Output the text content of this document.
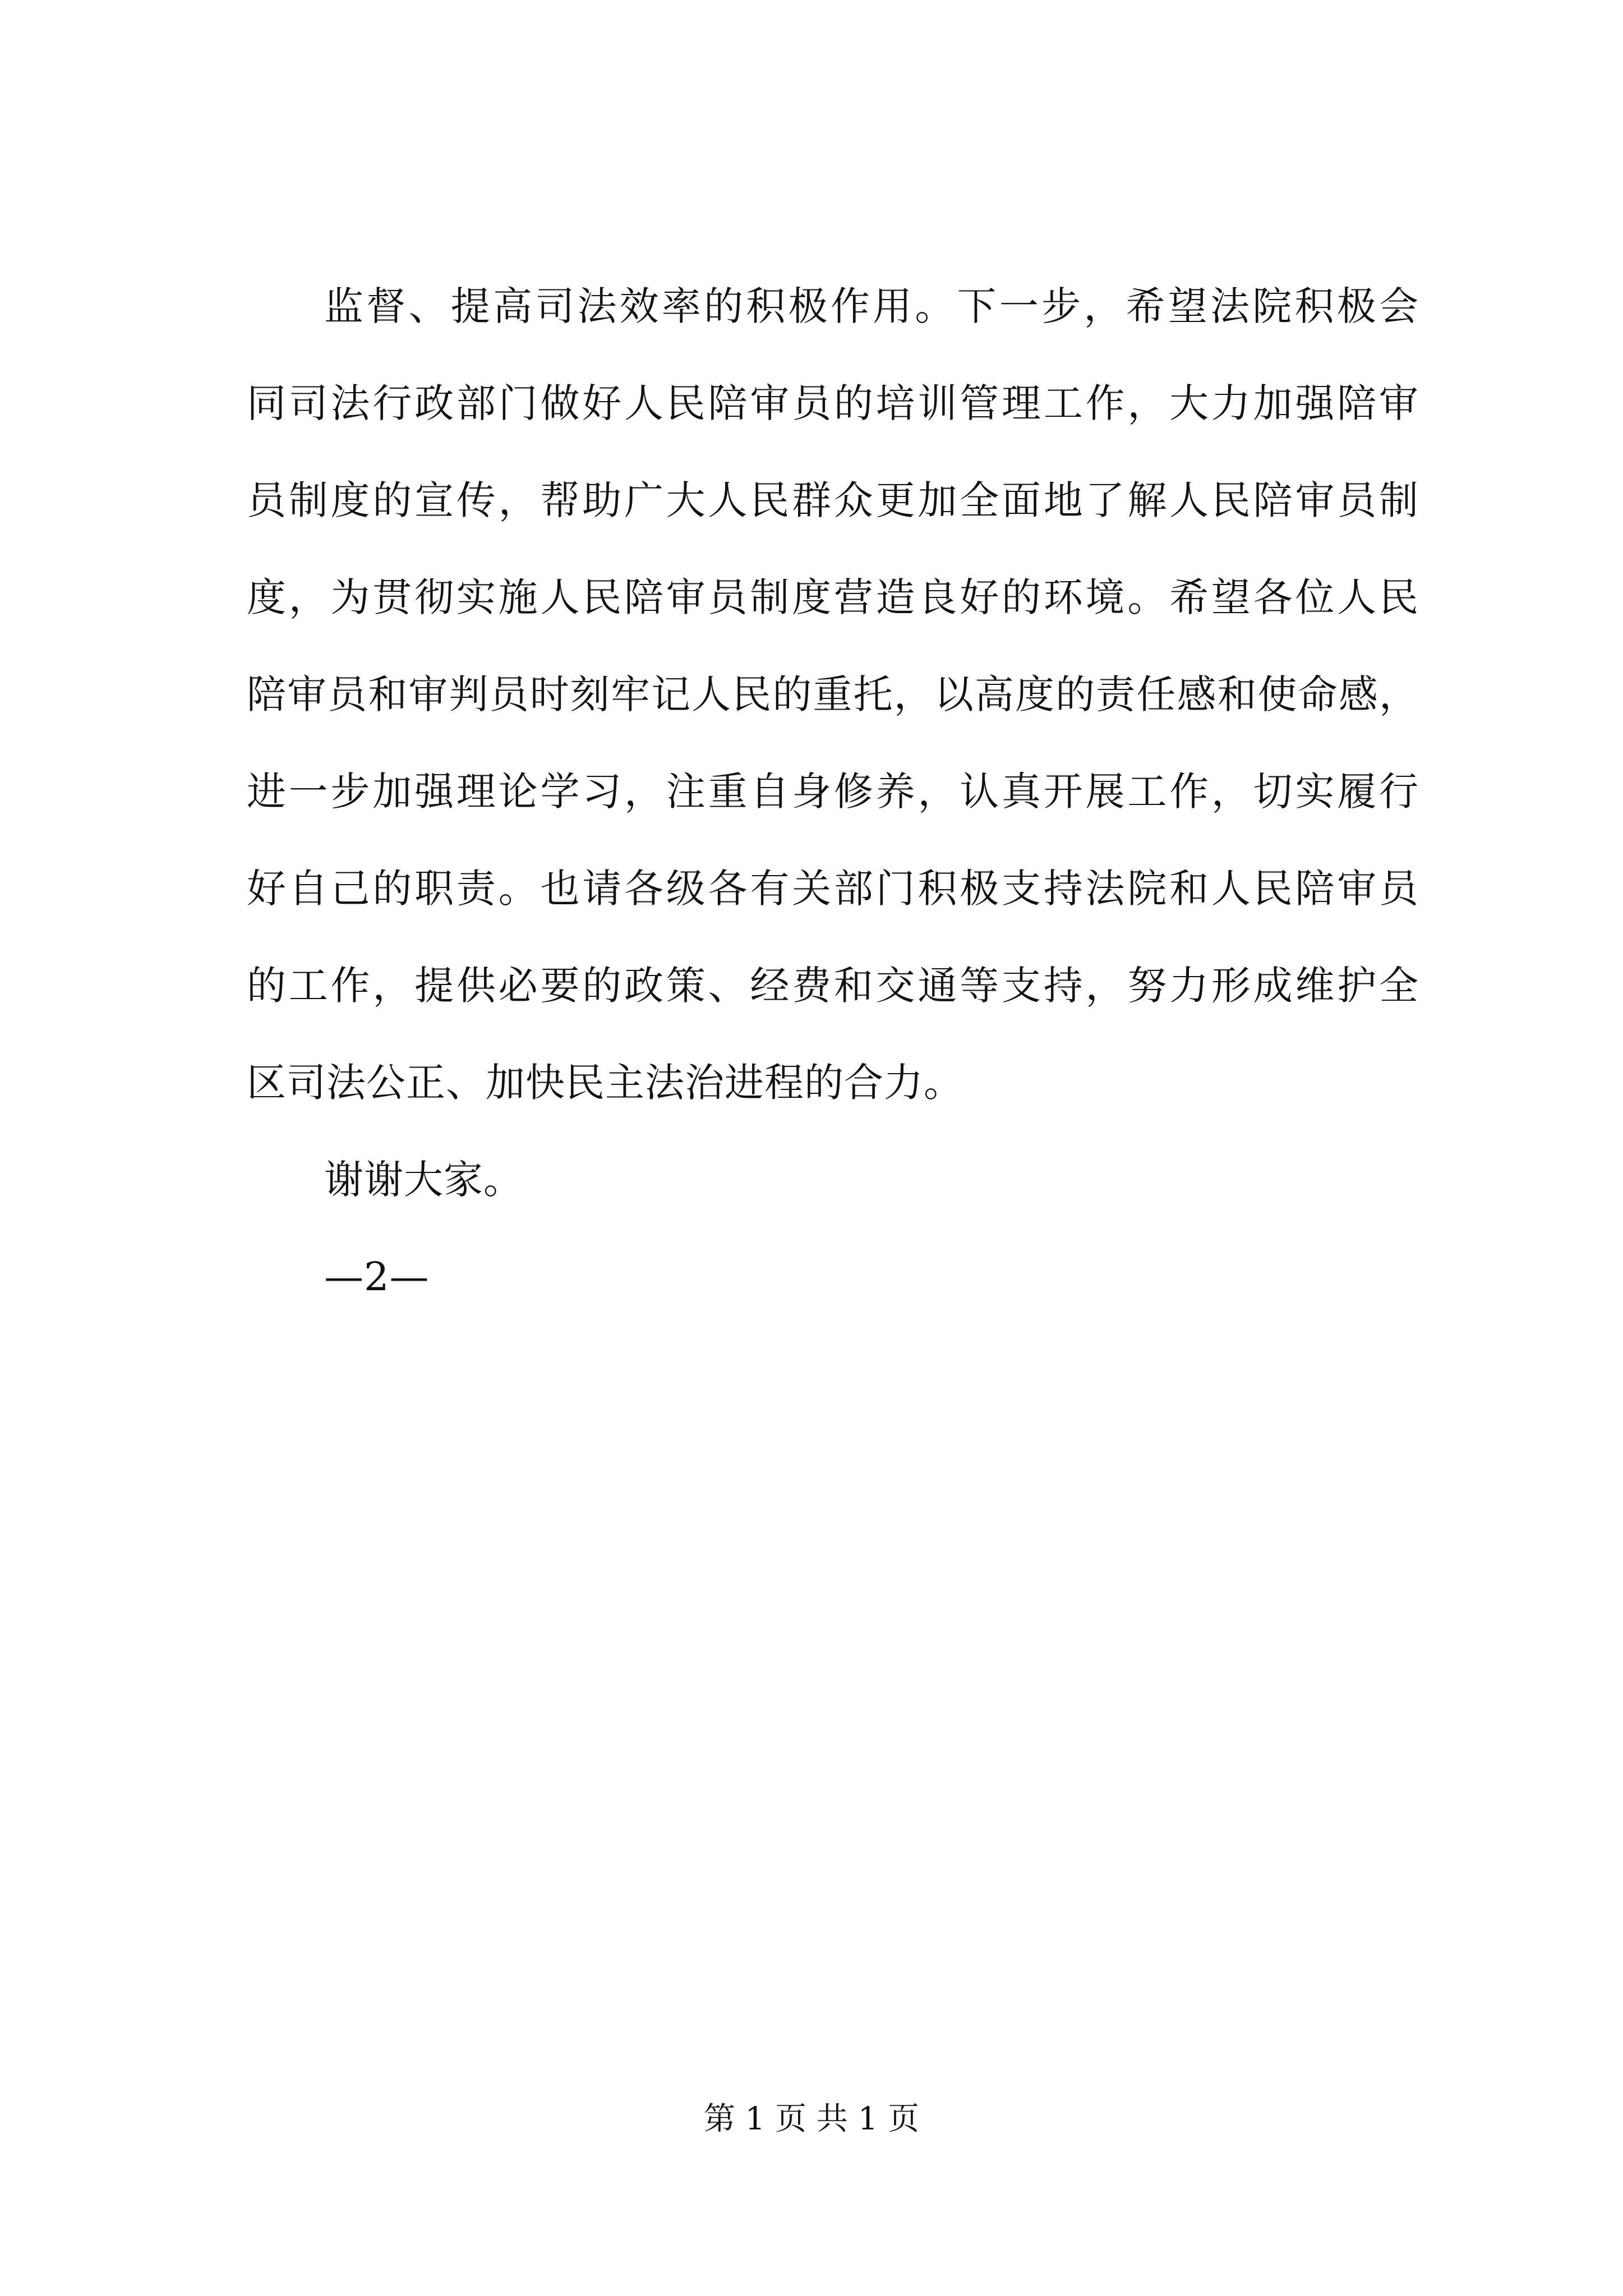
监督、提高司法效率的积极作用。下一步，希望法院积极会
同司法行政部门做好人民陪审员的培训管理工作，大力加强陪审
员制度的宣传，帮助广大人民群众更加全面地了解人民陪审员制
度，为贯彻实施人民陪审员制度营造良好的环境。希望各位人民
陪审员和审判员时刻牢记人民的重托，以高度的责任感和使命感，
进一步加强理论学习，注重自身修养，认真开展工作，切实履行
好自己的职责。也请各级各有关部门积极支持法院和人民陪审员
的工作，提供必要的政策、经费和交通等支持，努力形成维护全
区司法公正、加快民主法治进程的合力。
谢谢大家。
—2—
第 1 页 共 1 页
